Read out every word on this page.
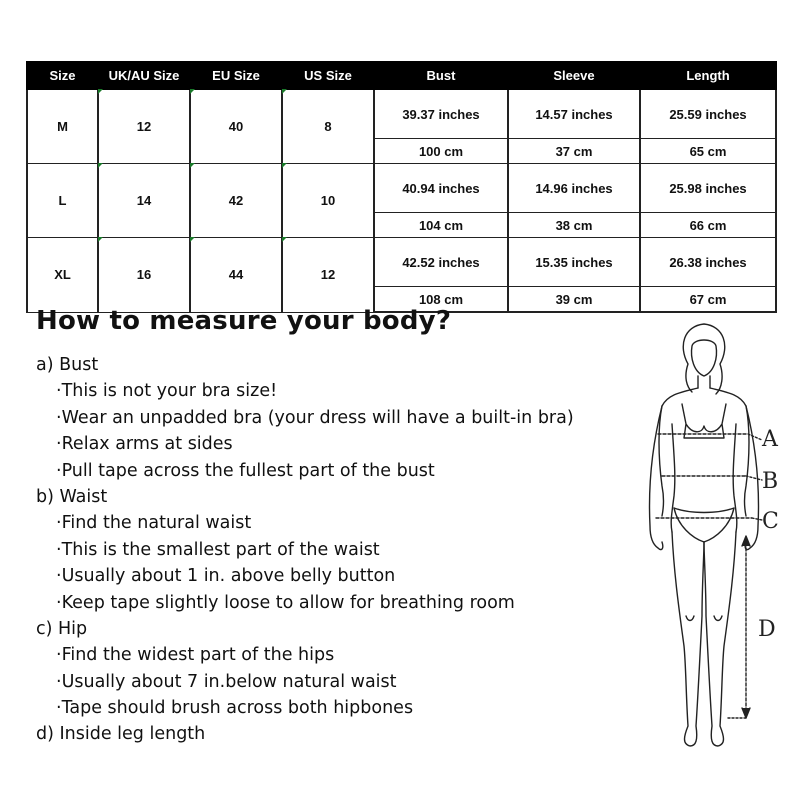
Size	UK/AU Size	EU Size	US Size	Bust	Sleeve	Length
M	12	40	8	39.37 inches	14.57 inches	25.59 inches
				100 cm	37 cm	65 cm
L	14	42	10	40.94 inches	14.96 inches	25.98 inches
				104 cm	38 cm	66 cm
XL	16	44	12	42.52 inches	15.35 inches	26.38 inches
				108 cm	39 cm	67 cm
How to measure your body?
a) Bust
·This is not your bra size!
·Wear an unpadded bra (your dress will have a built-in bra)
·Relax arms at sides
·Pull tape across the fullest part of the bust
b) Waist
·Find the natural waist
·This is the smallest part of the waist
·Usually about 1 in. above belly button
·Keep tape slightly loose to allow for breathing room
c) Hip
·Find the widest part of the hips
·Usually about 7 in.below natural waist
·Tape should brush across both hipbones
d) Inside leg length
A
B
C
D
